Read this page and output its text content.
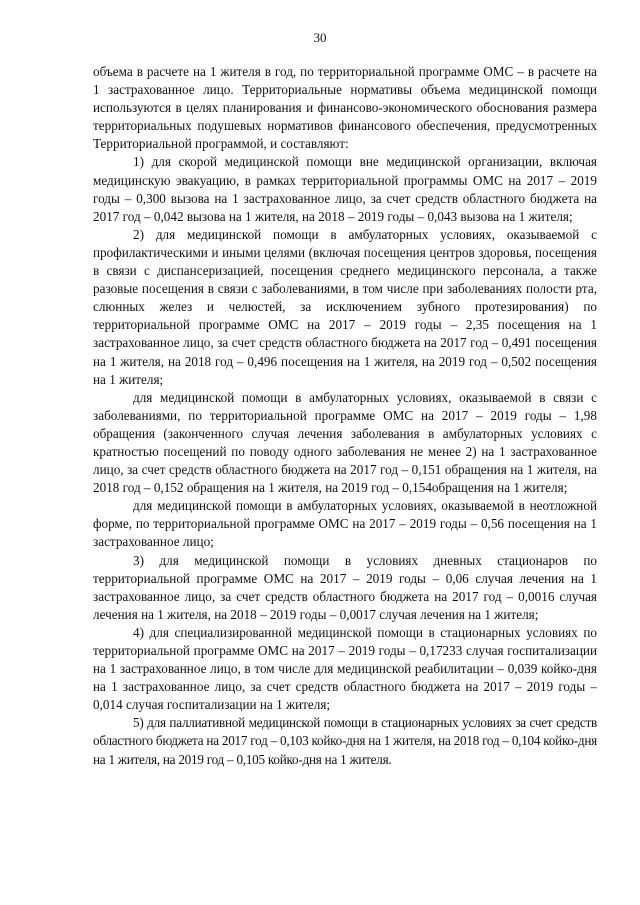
30

объема в расчете на 1 жителя в год, по территориальной программе ОМС – в расчете на 1 застрахованное лицо. Территориальные нормативы объема медицинской помощи используются в целях планирования и финансово-экономического обоснования размера территориальных подушевых нормативов финансового обеспечения, предусмотренных Территориальной программой, и составляют:

1) для скорой медицинской помощи вне медицинской организации, включая медицинскую эвакуацию, в рамках территориальной программы ОМС на 2017 – 2019 годы – 0,300 вызова на 1 застрахованное лицо, за счет средств областного бюджета на 2017 год – 0,042 вызова на 1 жителя, на 2018 – 2019 годы – 0,043 вызова на 1 жителя;

2) для медицинской помощи в амбулаторных условиях, оказываемой с профилактическими и иными целями (включая посещения центров здоровья, посещения в связи с диспансеризацией, посещения среднего медицинского персонала, а также разовые посещения в связи с заболеваниями, в том числе при заболеваниях полости рта, слюнных желез и челюстей, за исключением зубного протезирования) по территориальной программе ОМС на 2017 – 2019 годы – 2,35 посещения на 1 застрахованное лицо, за счет средств областного бюджета на 2017 год – 0,491 посещения на 1 жителя, на 2018 год – 0,496 посещения на 1 жителя, на 2019 год – 0,502 посещения на 1 жителя;

для медицинской помощи в амбулаторных условиях, оказываемой в связи с заболеваниями, по территориальной программе ОМС на 2017 – 2019 годы – 1,98 обращения (законченного случая лечения заболевания в амбулаторных условиях с кратностью посещений по поводу одного заболевания не менее 2) на 1 застрахованное лицо, за счет средств областного бюджета на 2017 год – 0,151 обращения на 1 жителя, на 2018 год – 0,152 обращения на 1 жителя, на 2019 год – 0,154обращения на 1 жителя;

для медицинской помощи в амбулаторных условиях, оказываемой в неотложной форме, по территориальной программе ОМС на 2017 – 2019 годы – 0,56 посещения на 1 застрахованное лицо;

3) для медицинской помощи в условиях дневных стационаров по территориальной программе ОМС на 2017 – 2019 годы – 0,06 случая лечения на 1 застрахованное лицо, за счет средств областного бюджета на 2017 год – 0,0016 случая лечения на 1 жителя, на 2018 – 2019 годы – 0,0017 случая лечения на 1 жителя;

4) для специализированной медицинской помощи в стационарных условиях по территориальной программе ОМС на 2017 – 2019 годы – 0,17233 случая госпитализации на 1 застрахованное лицо, в том числе для медицинской реабилитации – 0,039 койко-дня на 1 застрахованное лицо, за счет средств областного бюджета на 2017 – 2019 годы – 0,014 случая госпитализации на 1 жителя;

5) для паллиативной медицинской помощи в стационарных условиях за счет средств областного бюджета на 2017 год – 0,103 койко-дня на 1 жителя, на 2018 год – 0,104 койко-дня на 1 жителя, на 2019 год – 0,105 койко-дня на 1 жителя.
